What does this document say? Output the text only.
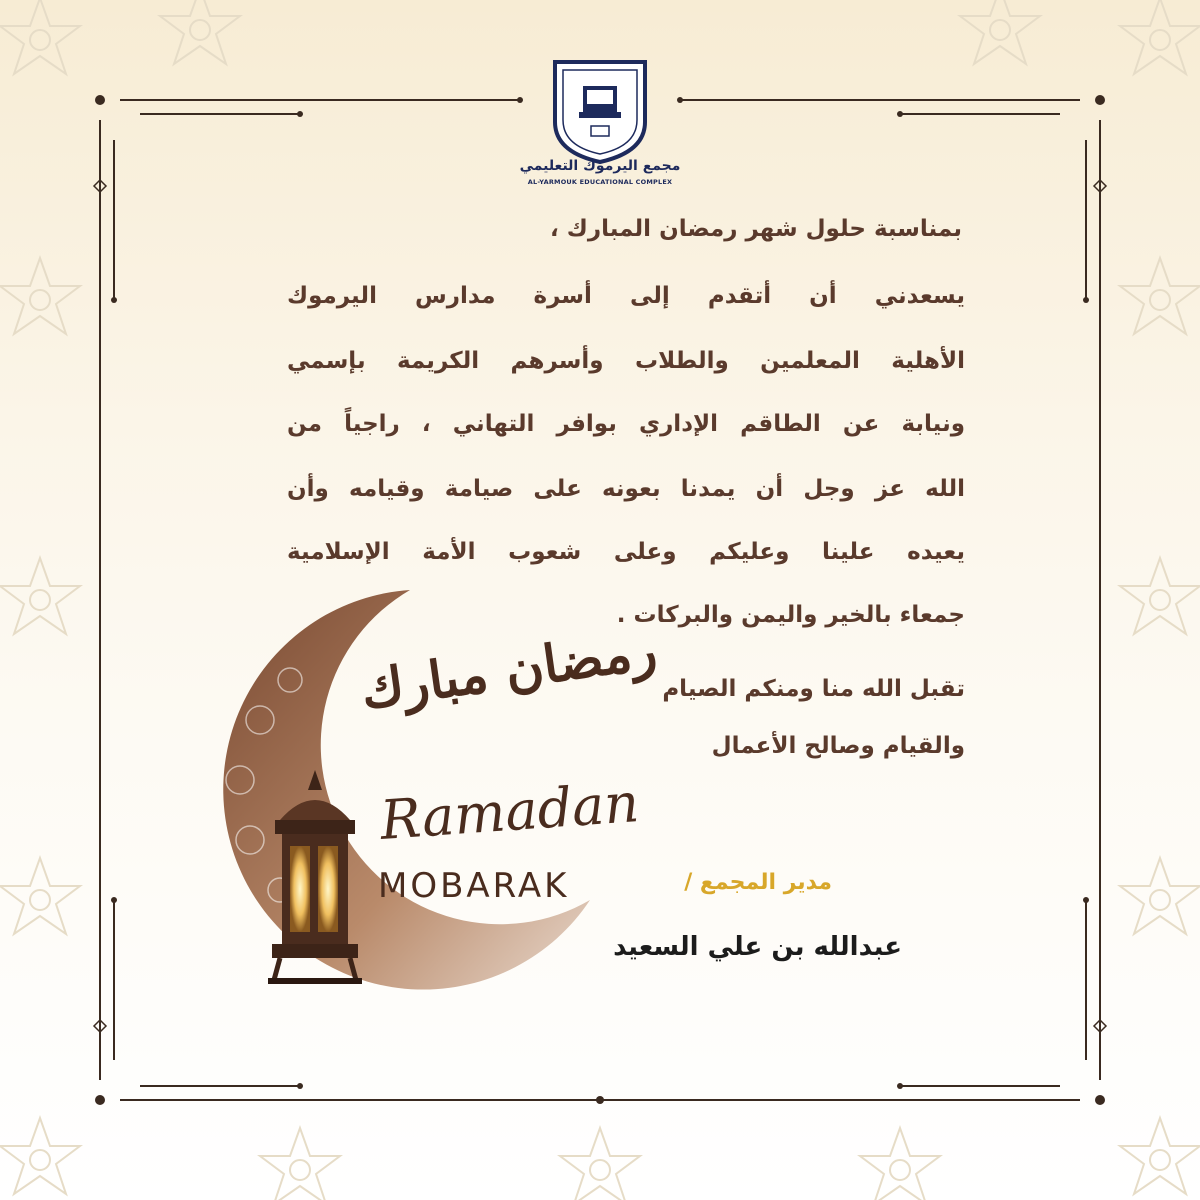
مجمع اليرموك التعليمي
AL-YARMOUK EDUCATIONAL COMPLEX
بمناسبة حلول شهر رمضان المبارك ،
يسعدني أن أتقدم إلى أسرة مدارس اليرموك
الأهلية المعلمين والطلاب وأسرهم الكريمة بإسمي
ونيابة عن الطاقم الإداري بوافر التهاني ، راجياً من
الله عز وجل أن يمدنا بعونه على صيامة وقيامه وأن
يعيده علينا وعليكم وعلى شعوب الأمة الإسلامية
جمعاء بالخير واليمن والبركات .
تقبل الله منا ومنكم الصيام
والقيام وصالح الأعمال
رمضان مبارك
Ramadan
MOBARAK	مدير المجمع /
عبدالله بن علي السعيد
